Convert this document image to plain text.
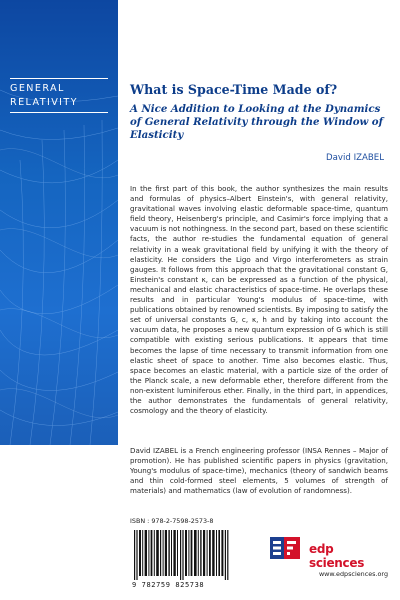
GENERAL
RELATIVITY
What is Space-Time Made of?
A Nice Addition to Looking at the Dynamics of General Relativity through the Window of Elasticity
David IZABEL
In the first part of this book, the author synthesizes the main results and formulas of physics–Albert Einstein's, with general relativity, gravitational waves involving elastic deformable space-time, quantum field theory, Heisenberg's principle, and Casimir's force implying that a vacuum is not nothingness. In the second part, based on these scientific facts, the author re-studies the fundamental equation of general relativity in a weak gravitational field by unifying it with the theory of elasticity. He considers the Ligo and Virgo interferometers as strain gauges. It follows from this approach that the gravitational constant G, Einstein's constant κ, can be expressed as a function of the physical, mechanical and elastic characteristics of space-time. He overlaps these results and in particular Young's modulus of space-time, with publications obtained by renowned scientists. By imposing to satisfy the set of universal constants G, c, κ, h and by taking into account the vacuum data, he proposes a new quantum expression of G which is still compatible with existing serious publications. It appears that time becomes the lapse of time necessary to transmit information from one elastic sheet of space to another. Time also becomes elastic. Thus, space becomes an elastic material, with a particle size of the order of the Planck scale, a new deformable ether, therefore different from the non-existent luminiferous ether. Finally, in the third part, in appendices, the author demonstrates the fundamentals of general relativity, cosmology and the theory of elasticity.
David IZABEL is a French engineering professor (INSA Rennes – Major of promotion). He has published scientific papers in physics (gravitation, Young's modulus of space-time), mechanics (theory of sandwich beams and thin cold-formed steel elements, 5 volumes of strength of materials) and mathematics (law of evolution of randomness).
ISBN : 978-2-7598-2573-8
9 782759 825738
edp sciences
www.edpsciences.org
